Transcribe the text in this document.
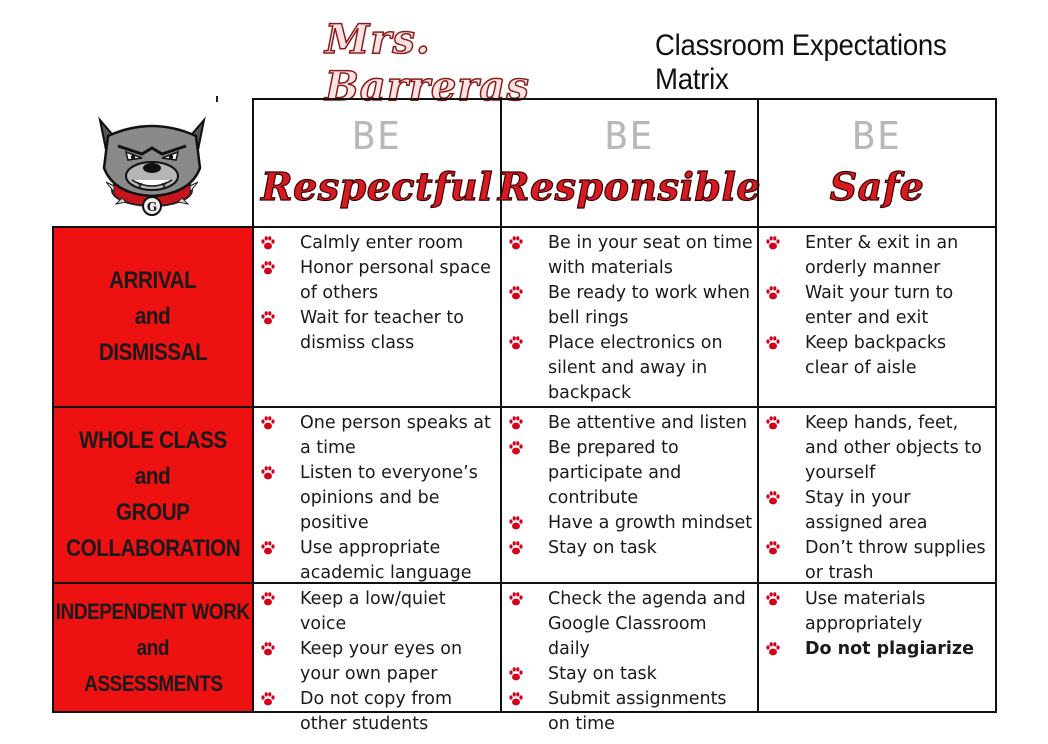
Mrs. Barreras
Classroom Expectations Matrix
G
BE
Respectful
BE
Responsible
BE
Safe
ARRIVAL
and
DISMISSAL
Calmly enter room
Honor personal space of others
Wait for teacher to dismiss class
Be in your seat on time with materials
Be ready to work when bell rings
Place electronics on silent and away in backpack
Enter & exit in an orderly manner
Wait your turn to enter and exit
Keep backpacks clear of aisle
WHOLE CLASS
and
GROUP
COLLABORATION
One person speaks at a time
Listen to everyone’s opinions and be positive
Use appropriate academic language
Be attentive and listen
Be prepared to participate and contribute
Have a growth mindset
Stay on task
Keep hands, feet, and other objects to yourself
Stay in your assigned area
Don’t throw supplies or trash
INDEPENDENT WORK
and
ASSESSMENTS
Keep a low/quiet voice
Keep your eyes on your own paper
Do not copy from other students
Check the agenda and Google Classroom daily
Stay on task
Submit assignments on time
Use materials appropriately
Do not plagiarize
